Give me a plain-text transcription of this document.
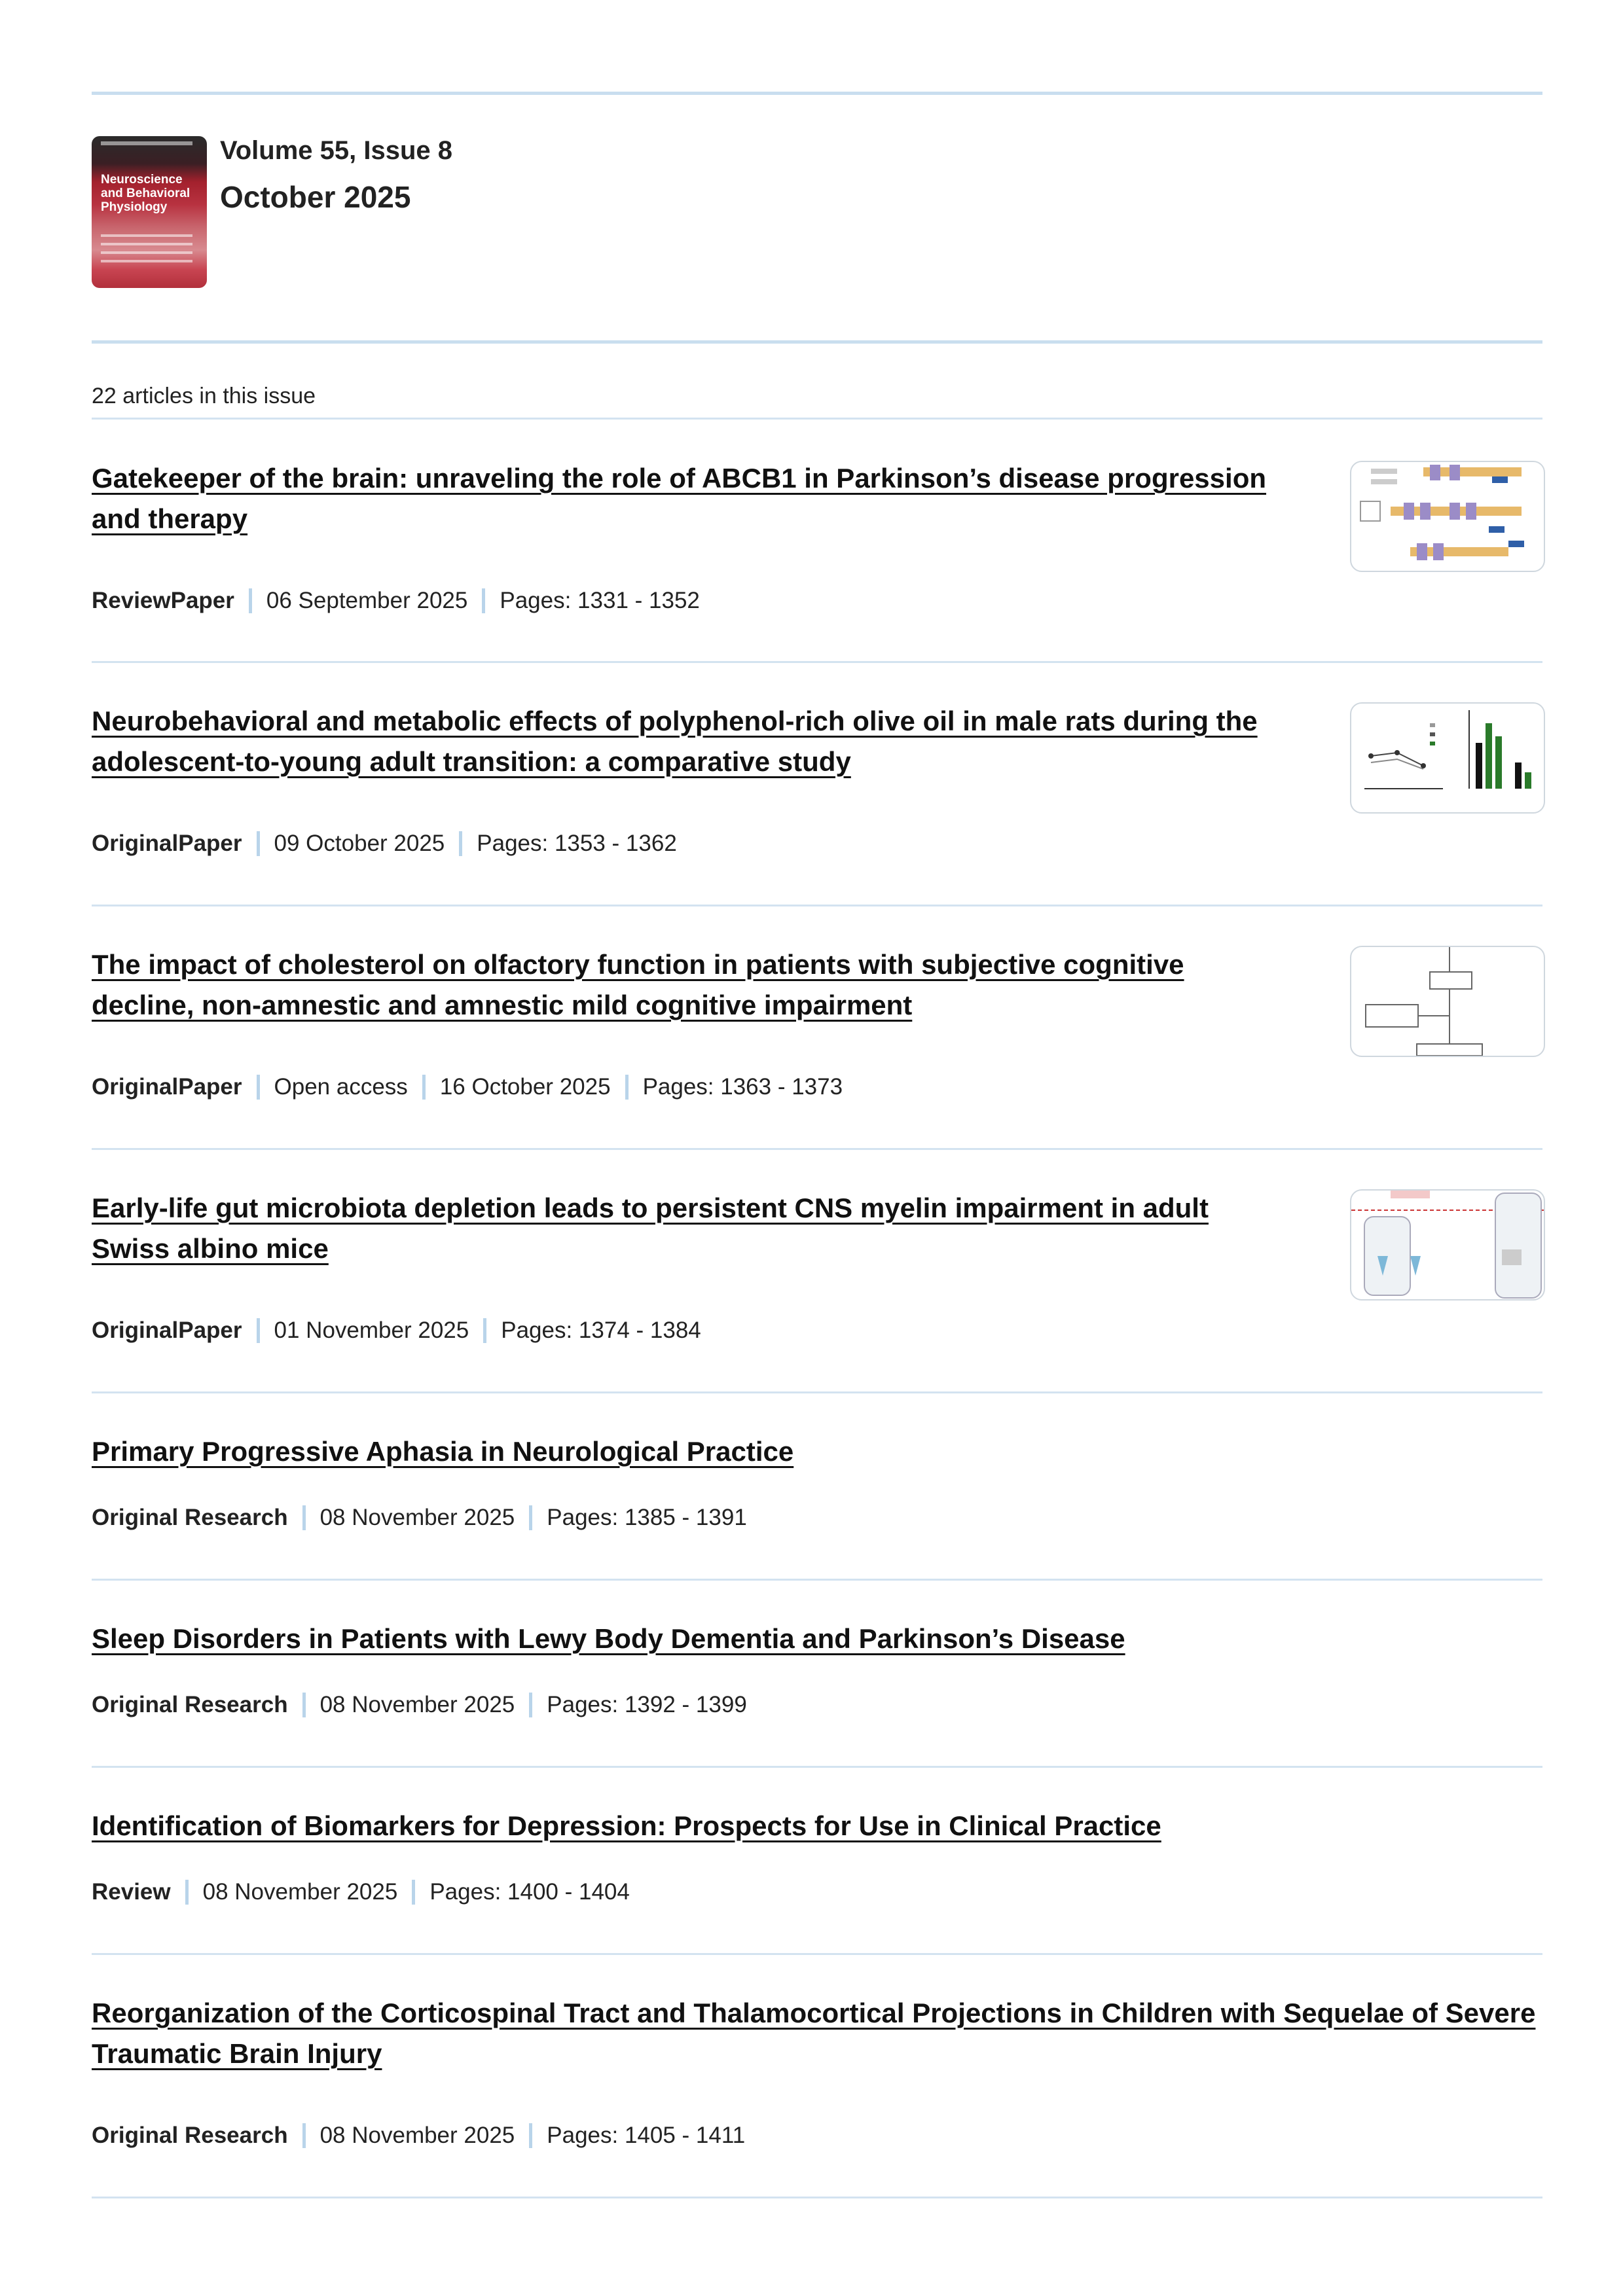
Neuroscience and Behavioral Physiology
Volume 55, Issue 8
October 2025
22 articles in this issue
Gatekeeper of the brain: unraveling the role of ABCB1 in Parkinson’s disease progression and therapy
ReviewPaper 06 September 2025 Pages: 1331 - 1352
Neurobehavioral and metabolic effects of polyphenol-rich olive oil in male rats during the adolescent-to-young adult transition: a comparative study
OriginalPaper 09 October 2025 Pages: 1353 - 1362
The impact of cholesterol on olfactory function in patients with subjective cognitive decline, non-amnestic and amnestic mild cognitive impairment
OriginalPaper Open access 16 October 2025 Pages: 1363 - 1373
Early-life gut microbiota depletion leads to persistent CNS myelin impairment in adult Swiss albino mice
OriginalPaper 01 November 2025 Pages: 1374 - 1384
Primary Progressive Aphasia in Neurological Practice
Original Research 08 November 2025 Pages: 1385 - 1391
Sleep Disorders in Patients with Lewy Body Dementia and Parkinson’s Disease
Original Research 08 November 2025 Pages: 1392 - 1399
Identification of Biomarkers for Depression: Prospects for Use in Clinical Practice
Review 08 November 2025 Pages: 1400 - 1404
Reorganization of the Corticospinal Tract and Thalamocortical Projections in Children with Sequelae of Severe Traumatic Brain Injury
Original Research 08 November 2025 Pages: 1405 - 1411
